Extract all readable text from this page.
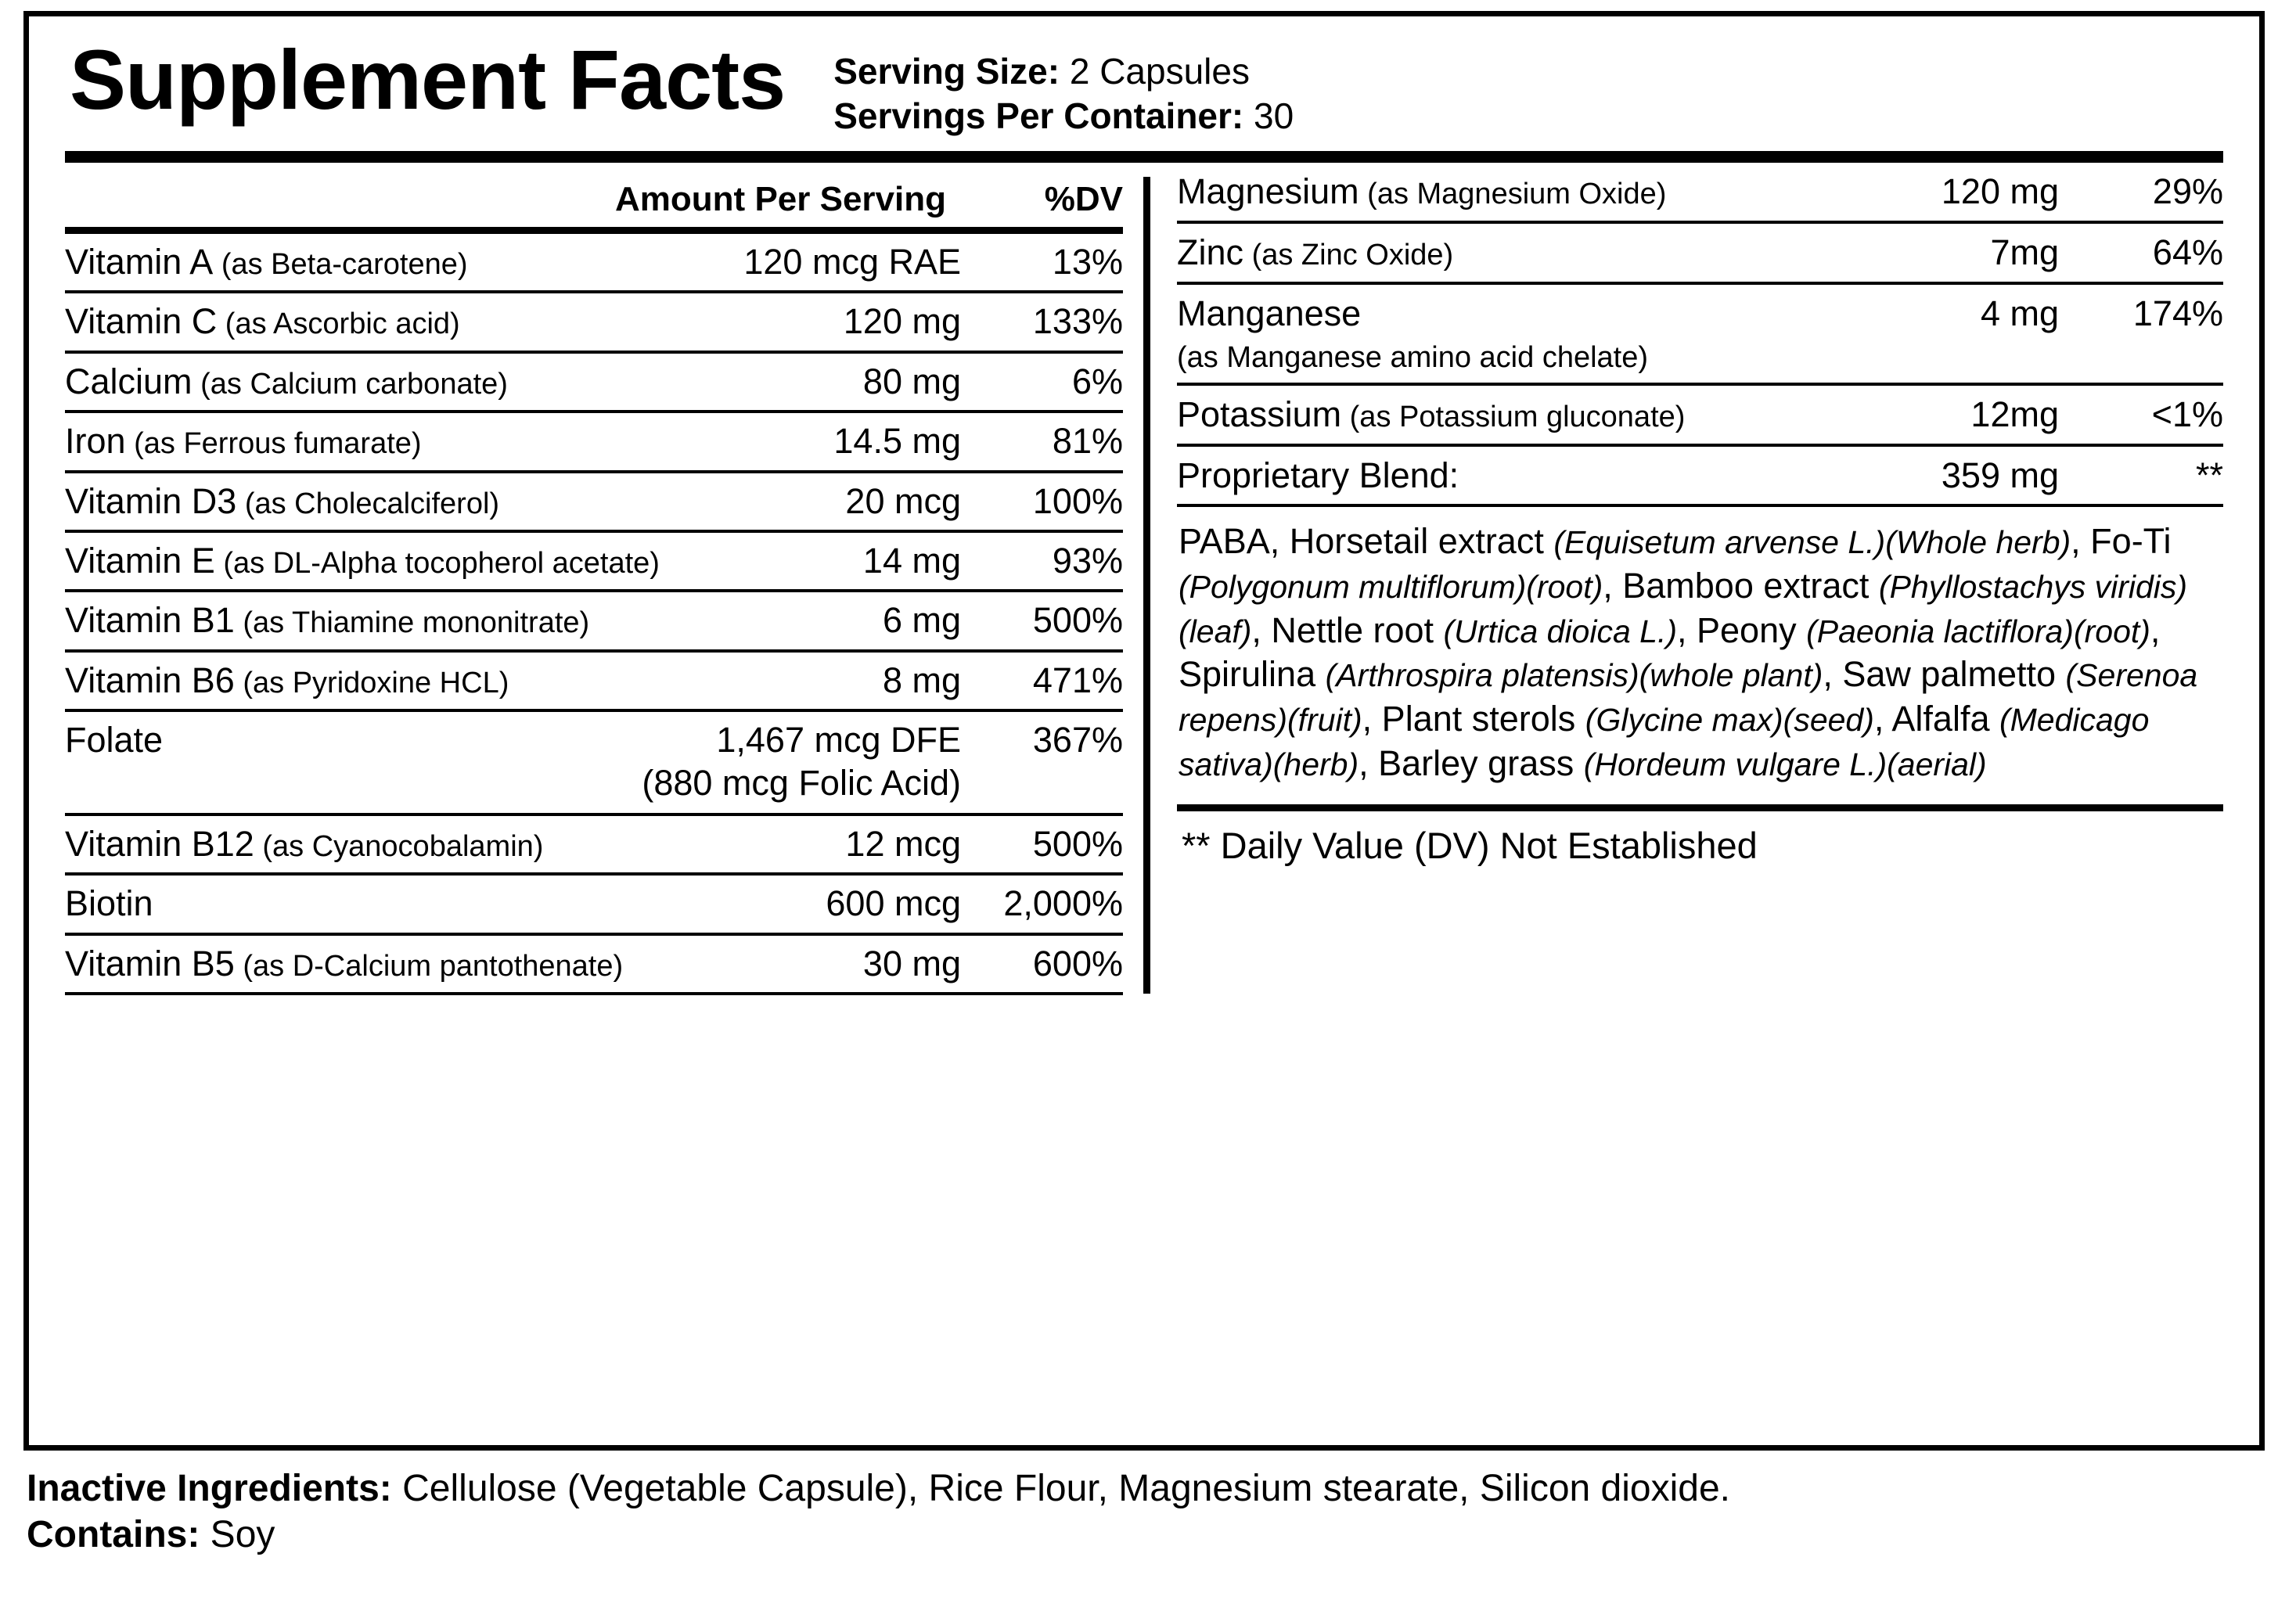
Supplement Facts Serving Size: 2 Capsules
Servings Per Container: 30
Amount Per Serving	%DV
Vitamin A (as Beta-carotene)	120 mcg RAE	13%
Vitamin C (as Ascorbic acid)	120 mg	133%
Calcium (as Calcium carbonate)	80 mg	6%
Iron (as Ferrous fumarate)	14.5 mg	81%
Vitamin D3 (as Cholecalciferol)	20 mcg	100%
Vitamin E (as DL-Alpha tocopherol acetate)	14 mg	93%
Vitamin B1 (as Thiamine mononitrate)	6 mg	500%
Vitamin B6 (as Pyridoxine HCL)	8 mg	471%
Folate	1,467 mcg DFE	367%
(880 mcg Folic Acid)
Vitamin B12 (as Cyanocobalamin)	12 mcg	500%
Biotin	600 mcg	2,000%
Vitamin B5 (as D-Calcium pantothenate)	30 mg	600%
Magnesium (as Magnesium Oxide)	120 mg	29%
Zinc (as Zinc Oxide)	7mg	64%
Manganese	4 mg	174%
(as Manganese amino acid chelate)
Potassium (as Potassium gluconate)	12mg	<1%
Proprietary Blend:	359 mg	**
PABA, Horsetail extract (Equisetum arvense L.)(Whole herb), Fo-Ti (Polygonum multiflorum)(root), Bamboo extract (Phyllostachys viridis)(leaf), Nettle root (Urtica dioica L.), Peony (Paeonia lactiflora)(root), Spirulina (Arthrospira platensis)(whole plant), Saw palmetto (Serenoa repens)(fruit), Plant sterols (Glycine max)(seed), Alfalfa (Medicago sativa)(herb), Barley grass (Hordeum vulgare L.)(aerial)
** Daily Value (DV) Not Established
Inactive Ingredients: Cellulose (Vegetable Capsule), Rice Flour, Magnesium stearate, Silicon dioxide.
Contains: Soy
